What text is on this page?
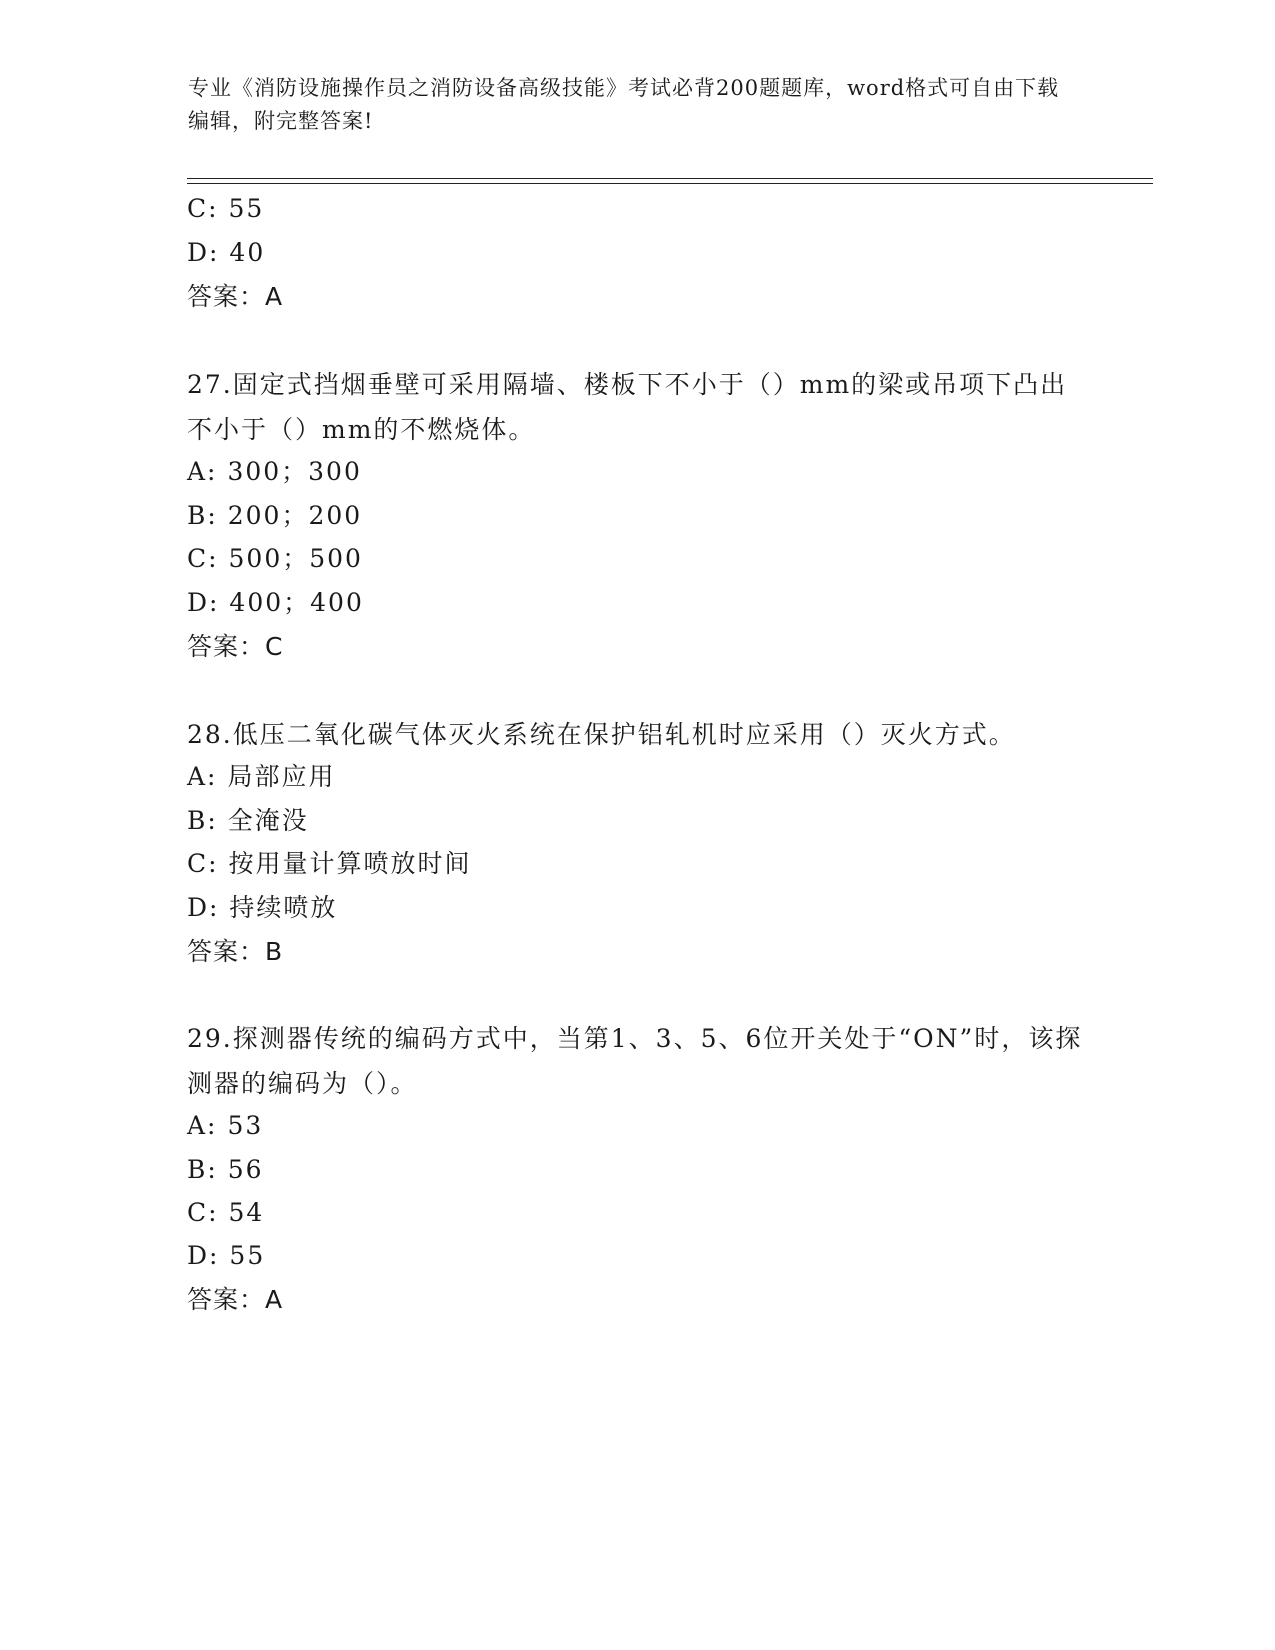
专业《消防设施操作员之消防设备高级技能》考试必背200题题库，word格式可自由下载编辑，附完整答案!
C: 55
D: 40
答案：A
27.固定式挡烟垂壁可采用隔墙、楼板下不小于（）mm的梁或吊项下凸出不小于（）mm的不燃烧体。
A: 300；300
B: 200；200
C: 500；500
D: 400；400
答案：C
28.低压二氧化碳气体灭火系统在保护铝轧机时应采用（）灭火方式。
A: 局部应用
B: 全淹没
C: 按用量计算喷放时间
D: 持续喷放
答案：B
29.探测器传统的编码方式中，当第1、3、5、6位开关处于“ON”时，该探测器的编码为（）。
A: 53
B: 56
C: 54
D: 55
答案：A
